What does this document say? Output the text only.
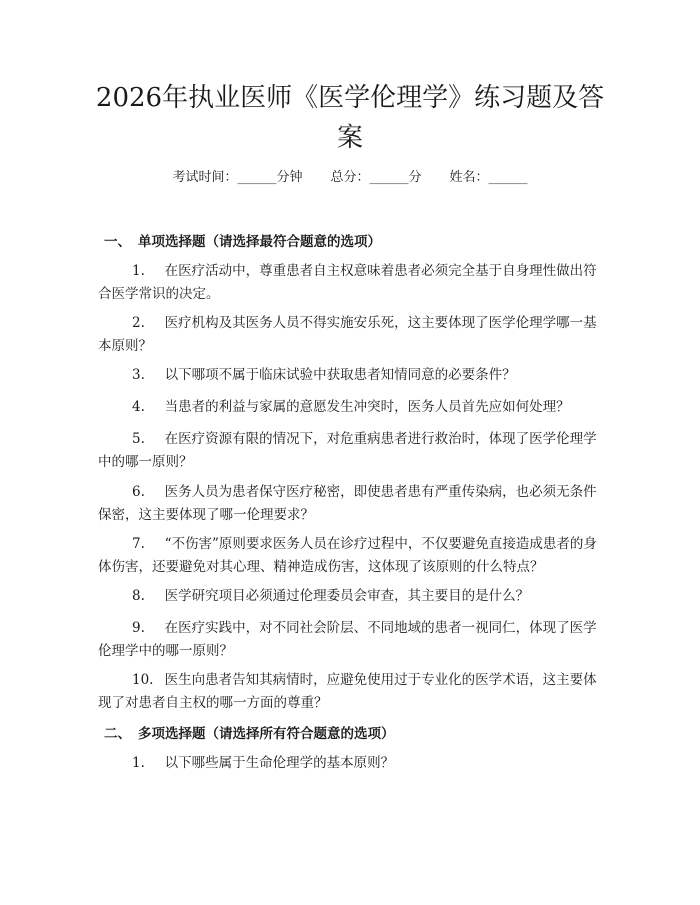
2026年执业医师《医学伦理学》练习题及答案
考试时间：______分钟 总分：______分 姓名：______
一、 单项选择题（请选择最符合题意的选项）
1. 在医疗活动中，尊重患者自主权意味着患者必须完全基于自身理性做出符合医学常识的决定。
2. 医疗机构及其医务人员不得实施安乐死，这主要体现了医学伦理学哪一基本原则？
3. 以下哪项不属于临床试验中获取患者知情同意的必要条件？
4. 当患者的利益与家属的意愿发生冲突时，医务人员首先应如何处理？
5. 在医疗资源有限的情况下，对危重病患者进行救治时，体现了医学伦理学中的哪一原则？
6. 医务人员为患者保守医疗秘密，即使患者患有严重传染病，也必须无条件保密，这主要体现了哪一伦理要求？
7. “不伤害”原则要求医务人员在诊疗过程中，不仅要避免直接造成患者的身体伤害，还要避免对其心理、精神造成伤害，这体现了该原则的什么特点？
8. 医学研究项目必须通过伦理委员会审查，其主要目的是什么？
9. 在医疗实践中，对不同社会阶层、不同地域的患者一视同仁，体现了医学伦理学中的哪一原则？
10. 医生向患者告知其病情时，应避免使用过于专业化的医学术语，这主要体现了对患者自主权的哪一方面的尊重？
二、 多项选择题（请选择所有符合题意的选项）
1. 以下哪些属于生命伦理学的基本原则？
